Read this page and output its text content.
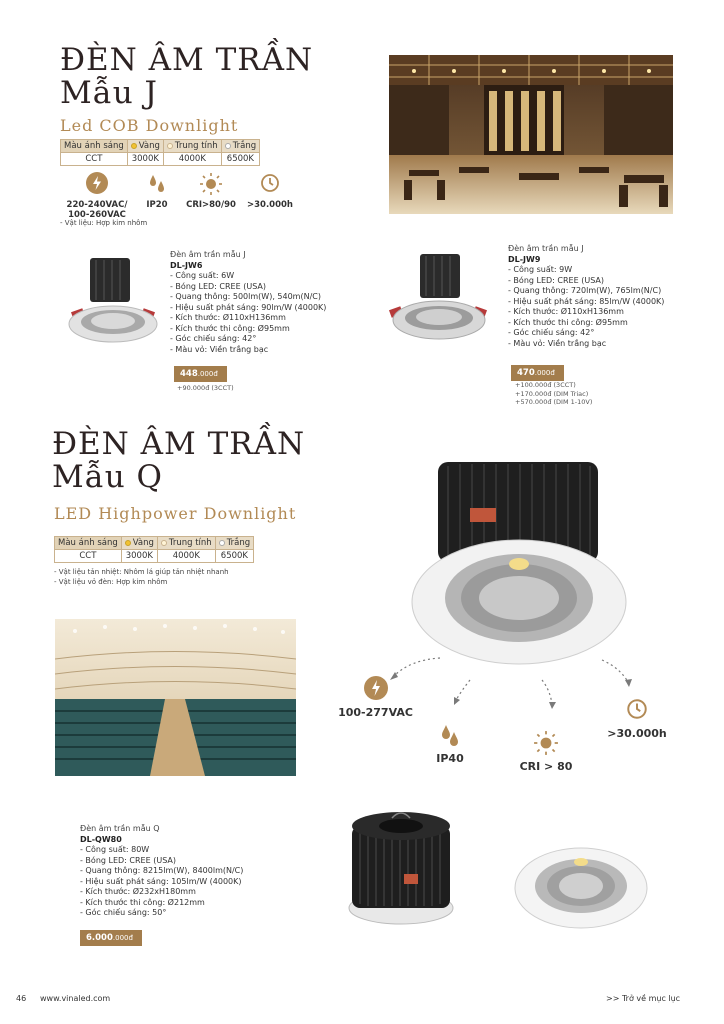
ĐÈN ÂM TRẦN
Mẫu J
Led COB Downlight
Màu ánh sáng	Vàng	Trung tính	Trắng
CCT	3000K	4000K	6500K
220-240VAC/
100-260VAC
IP20	CRI>80/90	>30.000h
- Vật liệu: Hợp kim nhôm
Đèn âm trần mẫu J
DL-JW6
- Công suất: 6W
- Bóng LED: CREE (USA)
- Quang thông: 500lm(W), 540m(N/C)
- Hiệu suất phát sáng: 90lm/W (4000K)
- Kích thước: Ø110xH136mm
- Kích thước thi công: Ø95mm
- Góc chiếu sáng: 42°
- Màu vỏ: Viền trắng bạc
448.000đ
+90.000đ (3CCT)
Đèn âm trần mẫu J
DL-JW9
- Công suất: 9W
- Bóng LED: CREE (USA)
- Quang thông: 720lm(W), 765lm(N/C)
- Hiệu suất phát sáng: 85lm/W (4000K)
- Kích thước: Ø110xH136mm
- Kích thước thi công: Ø95mm
- Góc chiếu sáng: 42°
- Màu vỏ: Viền trắng bạc
470.000đ
+100.000đ (3CCT)
+170.000đ (DIM Triac)
+570.000đ (DIM 1-10V)
ĐÈN ÂM TRẦN
Mẫu Q
LED Highpower Downlight
Màu ánh sáng	Vàng	Trung tính	Trắng
CCT	3000K	4000K	6500K
- Vật liệu tản nhiệt: Nhôm lá giúp tản nhiệt nhanh
- Vật liệu vỏ đèn: Hợp kim nhôm
100-277VAC
IP40
CRI > 80
>30.000h
Đèn âm trần mẫu Q
DL-QW80
- Công suất: 80W
- Bóng LED: CREE (USA)
- Quang thông: 8215lm(W), 8400lm(N/C)
- Hiệu suất phát sáng: 105lm/W (4000K)
- Kích thước: Ø232xH180mm
- Kích thước thi công: Ø212mm
- Góc chiếu sáng: 50°
6.000.000đ
46 www.vinaled.com	>> Trở về mục lục
